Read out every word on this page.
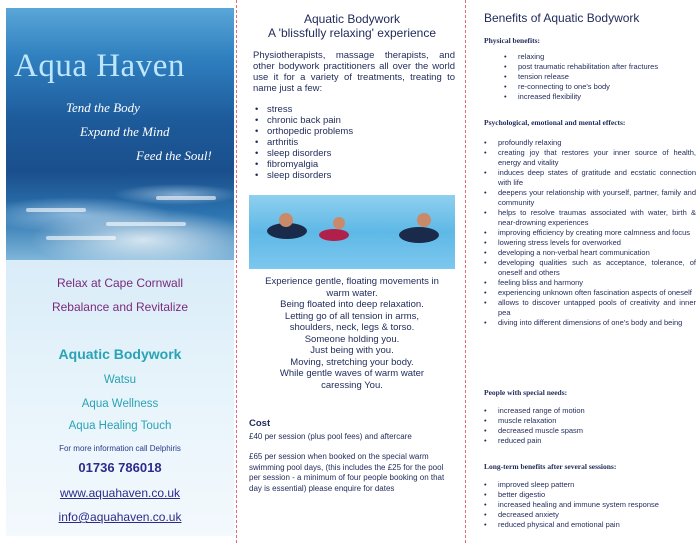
Aqua Haven
Tend the Body
Expand the Mind
Feed the Soul!
Relax at Cape Cornwall
Rebalance and Revitalize
Aquatic Bodywork
Watsu
Aqua Wellness
Aqua Healing Touch
For more information call Delphiris
01736 786018
www.aquahaven.co.uk
info@aquahaven.co.uk
Aquatic Bodywork
A 'blissfully relaxing' experience
Physiotherapists, massage therapists, and other bodywork practitioners all over the world use it for a variety of treatments, treating to name just a few:
• stress
• chronic back pain
• orthopedic problems
• arthritis
• sleep disorders
• fibromyalgia
• sleep disorders
Experience gentle, floating movements in
warm water.
Being floated into deep relaxation.
Letting go of all tension in arms,
shoulders, neck, legs & torso.
Someone holding you.
Just being with you.
Moving, stretching your body.
While gentle waves of warm water
caressing You.
Cost
£40 per session (plus pool fees) and aftercare
£65 per session when booked on the special warm swimming pool days, (this includes the £25 for the pool per session - a minimum of four people booking on that day is essential) please enquire for dates
Benefits of Aquatic Bodywork
Physical benefits:
• relaxing
• post traumatic rehabilitation after fractures
• tension release
• re-connecting to one's body
• increased flexibility
Psychological, emotional and mental effects:
• profoundly relaxing
• creating joy that restores your inner source of health, energy and vitality
• induces deep states of gratitude and ecstatic connection with life
• deepens your relationship with yourself, partner, family and community
• helps to resolve traumas associated with water, birth & near-drowning experiences
• improving efficiency by creating more calmness and focus
• lowering stress levels for overworked
• developing a non-verbal heart communication
• developing qualities such as acceptance, tolerance, of oneself and others
• feeling bliss and harmony
• experiencing unknown often fascination aspects of oneself
• allows to discover untapped pools of creativity and inner pea
• diving into different dimensions of one's body and being
People with special needs:
• increased range of motion
• muscle relaxation
• decreased muscle spasm
• reduced pain
Long-term benefits after several sessions:
• improved sleep pattern
• better digestio
• increased healing and immune system response
• decreased anxiety
• reduced physical and emotional pain
